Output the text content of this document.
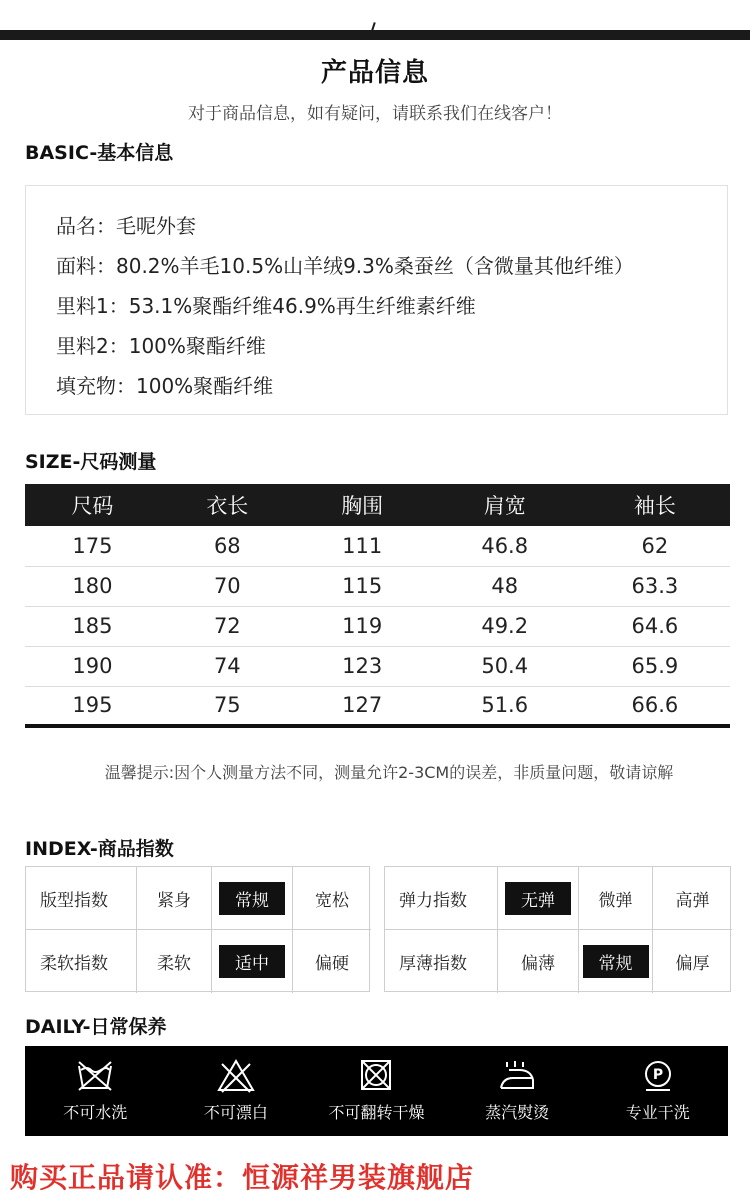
产品信息
对于商品信息，如有疑问，请联系我们在线客户！
BASIC-基本信息
品名：毛呢外套
面料：80.2%羊毛10.5%山羊绒9.3%桑蚕丝（含微量其他纤维）
里料1：53.1%聚酯纤维46.9%再生纤维素纤维
里料2：100%聚酯纤维
填充物：100%聚酯纤维
SIZE-尺码测量
尺码	衣长	胸围	肩宽	袖长
175	68	111	46.8	62
180	70	115	48	63.3
185	72	119	49.2	64.6
190	74	123	50.4	65.9
195	75	127	51.6	66.6
温馨提示:因个人测量方法不同，测量允许2-3CM的误差，非质量问题，敬请谅解
INDEX-商品指数
版型指数	紧身	常规	宽松
柔软指数	柔软	适中	偏硬
弹力指数	无弹	微弹	高弹
厚薄指数	偏薄	常规	偏厚
DAILY-日常保养
不可水洗	不可漂白	不可翻转干燥	蒸汽熨烫
P
专业干洗
购买正品请认准：恒源祥男装旗舰店
